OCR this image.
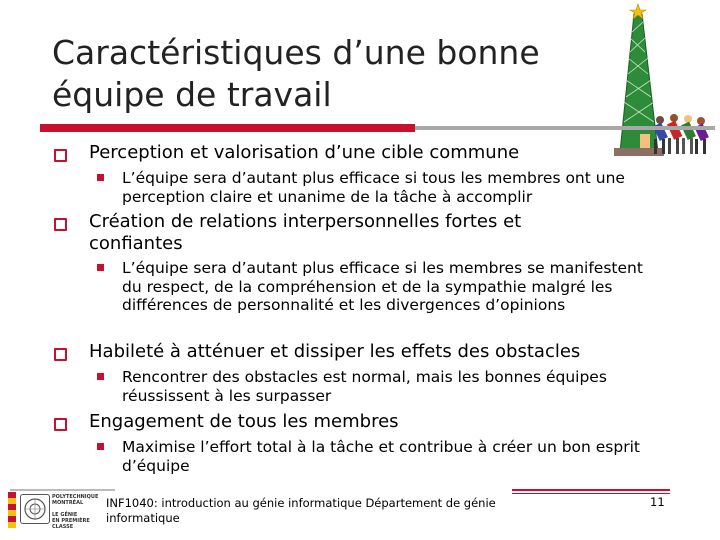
Caractéristiques d’une bonne
équipe de travail
Perception et valorisation d’une cible commune
L’équipe sera d’autant plus efficace si tous les membres ont une perception claire et unanime de la tâche à accomplir
Création de relations interpersonnelles fortes et confiantes
L’équipe sera d’autant plus efficace si les membres se manifestent du respect, de la compréhension et de la sympathie malgré les différences de personnalité et les divergences d’opinions
Habileté à atténuer et dissiper les effets des obstacles
Rencontrer des obstacles est normal, mais les bonnes équipes réussissent à les surpasser
Engagement de tous les membres
Maximise l’effort total à la tâche et contribue à créer un bon esprit d’équipe
POLYTECHNIQUE
MONTRÉAL
LE GÉNIE
EN PREMIÈRE CLASSE
INF1040: introduction au génie informatique Département de génie informatique
11
